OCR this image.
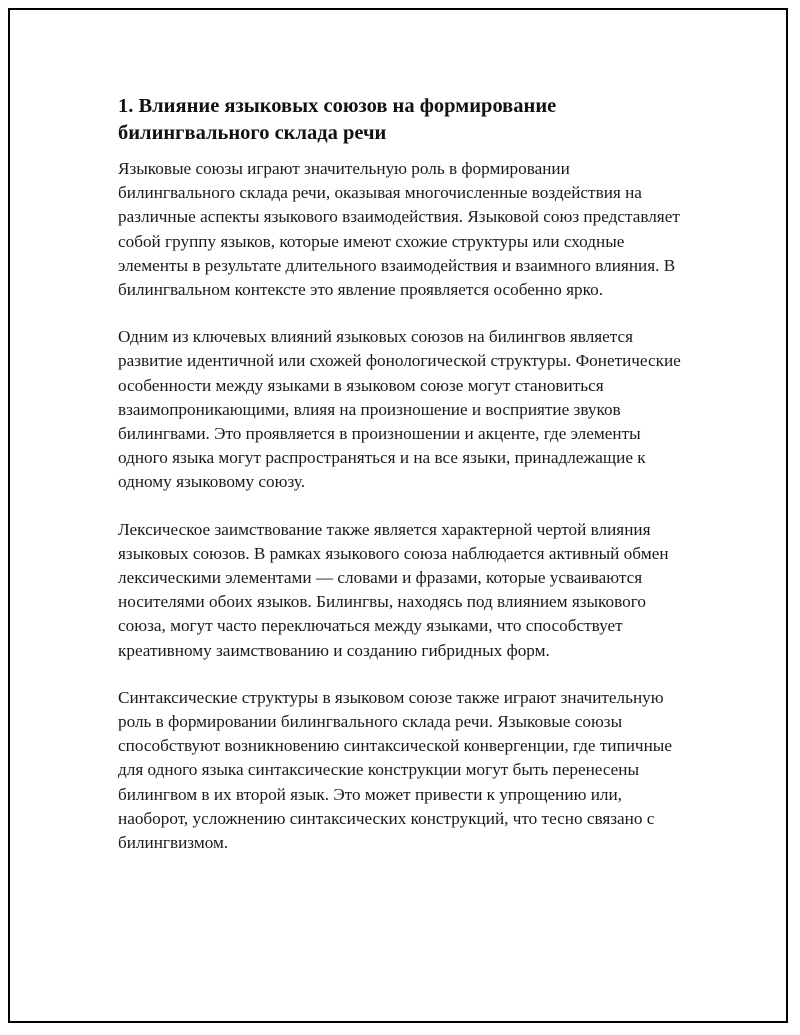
1. Влияние языковых союзов на формирование билингвального склада речи

Языковые союзы играют значительную роль в формировании билингвального склада речи, оказывая многочисленные воздействия на различные аспекты языкового взаимодействия. Языковой союз представляет собой группу языков, которые имеют схожие структуры или сходные элементы в результате длительного взаимодействия и взаимного влияния. В билингвальном контексте это явление проявляется особенно ярко.

Одним из ключевых влияний языковых союзов на билингвов является развитие идентичной или схожей фонологической структуры. Фонетические особенности между языками в языковом союзе могут становиться взаимопроникающими, влияя на произношение и восприятие звуков билингвами. Это проявляется в произношении и акценте, где элементы одного языка могут распространяться и на все языки, принадлежащие к одному языковому союзу.

Лексическое заимствование также является характерной чертой влияния языковых союзов. В рамках языкового союза наблюдается активный обмен лексическими элементами — словами и фразами, которые усваиваются носителями обоих языков. Билингвы, находясь под влиянием языкового союза, могут часто переключаться между языками, что способствует креативному заимствованию и созданию гибридных форм.

Синтаксические структуры в языковом союзе также играют значительную роль в формировании билингвального склада речи. Языковые союзы способствуют возникновению синтаксической конвергенции, где типичные для одного языка синтаксические конструкции могут быть перенесены билингвом в их второй язык. Это может привести к упрощению или, наоборот, усложнению синтаксических конструкций, что тесно связано с билингвизмом.
